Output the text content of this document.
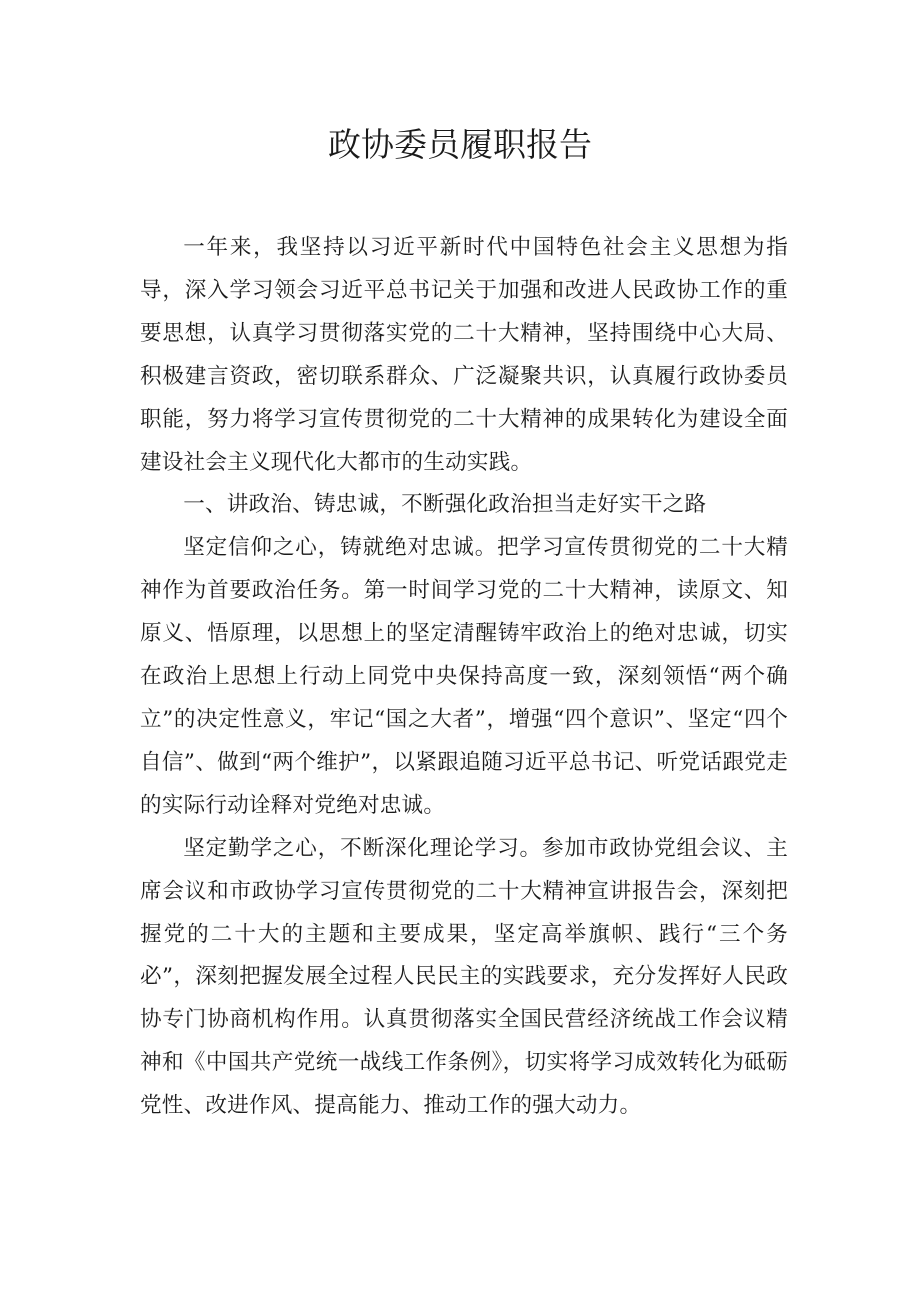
政协委员履职报告

一年来，我坚持以习近平新时代中国特色社会主义思想为指导，深入学习领会习近平总书记关于加强和改进人民政协工作的重要思想，认真学习贯彻落实党的二十大精神，坚持围绕中心大局、积极建言资政，密切联系群众、广泛凝聚共识，认真履行政协委员职能，努力将学习宣传贯彻党的二十大精神的成果转化为建设全面建设社会主义现代化大都市的生动实践。

一、讲政治、铸忠诚，不断强化政治担当走好实干之路

坚定信仰之心，铸就绝对忠诚。把学习宣传贯彻党的二十大精神作为首要政治任务。第一时间学习党的二十大精神，读原文、知原义、悟原理，以思想上的坚定清醒铸牢政治上的绝对忠诚，切实在政治上思想上行动上同党中央保持高度一致，深刻领悟“两个确立”的决定性意义，牢记“国之大者”，增强“四个意识”、坚定“四个自信”、做到“两个维护”，以紧跟追随习近平总书记、听党话跟党走的实际行动诠释对党绝对忠诚。

坚定勤学之心，不断深化理论学习。参加市政协党组会议、主席会议和市政协学习宣传贯彻党的二十大精神宣讲报告会，深刻把握党的二十大的主题和主要成果，坚定高举旗帜、践行“三个务必”，深刻把握发展全过程人民民主的实践要求，充分发挥好人民政协专门协商机构作用。认真贯彻落实全国民营经济统战工作会议精神和《中国共产党统一战线工作条例》，切实将学习成效转化为砥砺党性、改进作风、提高能力、推动工作的强大动力。
